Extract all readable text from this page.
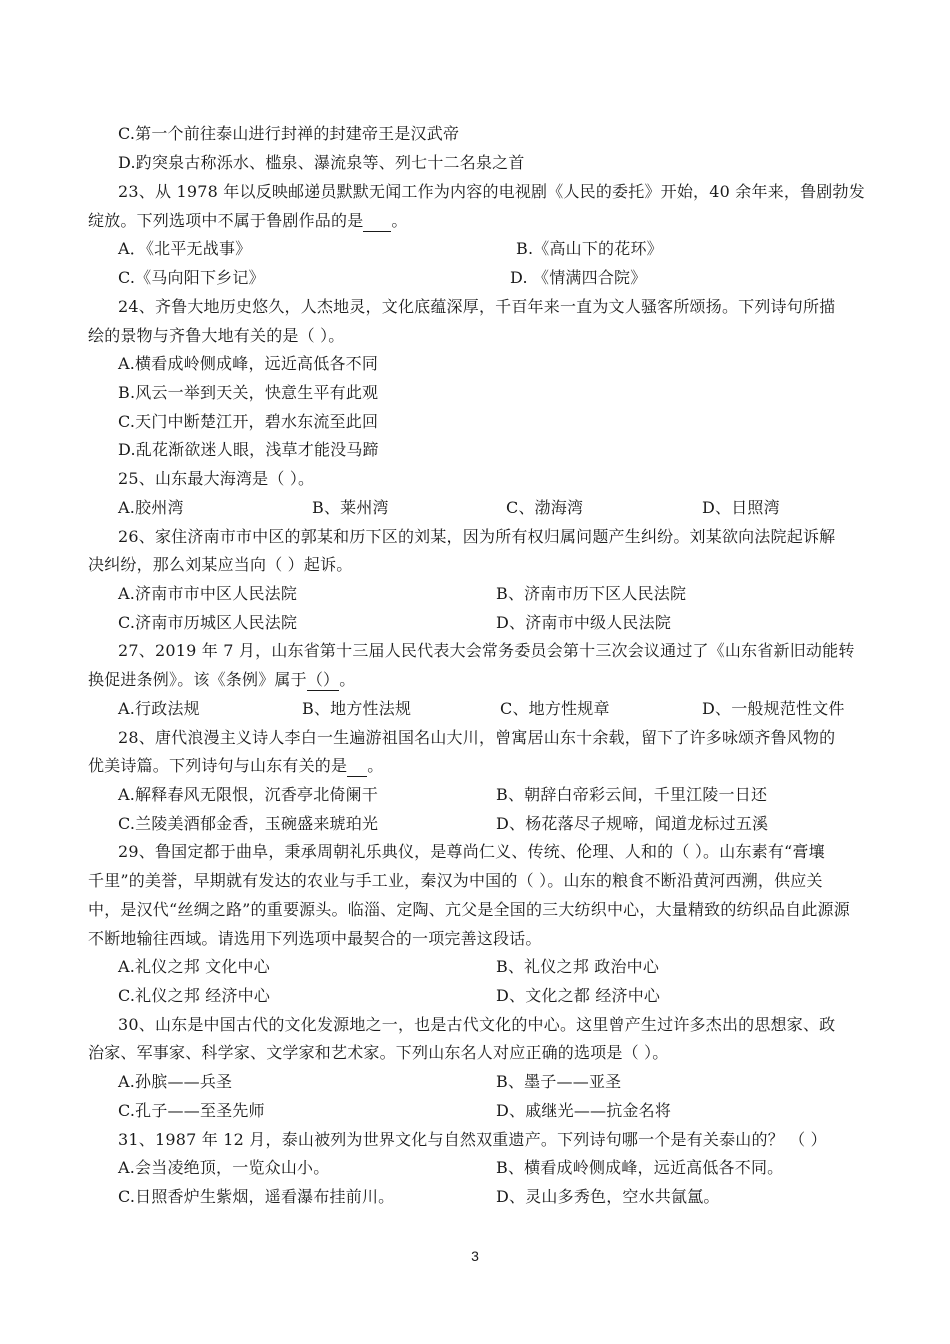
C.第一个前往泰山进行封禅的封建帝王是汉武帝
D.趵突泉古称泺水、槛泉、瀑流泉等、列七十二名泉之首
23、从 1978 年以反映邮递员默默无闻工作为内容的电视剧《人民的委托》开始，40 余年来，鲁剧勃发
绽放。下列选项中不属于鲁剧作品的是 。
A．《北平无战事》	B.《高山下的花环》
C.《马向阳下乡记》	D. 《情满四合院》
24、齐鲁大地历史悠久，人杰地灵，文化底蕴深厚，千百年来一直为文人骚客所颂扬。下列诗句所描
绘的景物与齐鲁大地有关的是（ ）。
A.横看成岭侧成峰，远近高低各不同
B.风云一举到天关，快意生平有此观
C.天门中断楚江开，碧水东流至此回
D.乱花渐欲迷人眼，浅草才能没马蹄
25、山东最大海湾是（ ）。
A.胶州湾	B、莱州湾	C、渤海湾	D、日照湾
26、家住济南市市中区的郭某和历下区的刘某，因为所有权归属问题产生纠纷。刘某欲向法院起诉解
决纠纷，那么刘某应当向（ ）起诉。
A.济南市市中区人民法院	B、济南市历下区人民法院
C.济南市历城区人民法院	D、济南市中级人民法院
27、2019 年 7 月，山东省第十三届人民代表大会常务委员会第十三次会议通过了《山东省新旧动能转
换促进条例》。该《条例》属于（）。
A.行政法规	B、地方性法规	C、地方性规章	D、一般规范性文件
28、唐代浪漫主义诗人李白一生遍游祖国名山大川，曾寓居山东十余载，留下了许多咏颂齐鲁风物的
优美诗篇。下列诗句与山东有关的是 。
A.解释春风无限恨，沉香亭北倚阑干	B、朝辞白帝彩云间，千里江陵一日还
C.兰陵美酒郁金香，玉碗盛来琥珀光	D、杨花落尽子规啼，闻道龙标过五溪
29、鲁国定都于曲阜，秉承周朝礼乐典仪，是尊尚仁义、传统、伦理、人和的（ ）。山东素有“膏壤
千里”的美誉，早期就有发达的农业与手工业，秦汉为中国的（ ）。山东的粮食不断沿黄河西溯，供应关
中，是汉代“丝绸之路”的重要源头。临淄、定陶、亢父是全国的三大纺织中心，大量精致的纺织品自此源源
不断地输往西域。请选用下列选项中最契合的一项完善这段话。
A.礼仪之邦 文化中心	B、礼仪之邦 政治中心
C.礼仪之邦 经济中心	D、文化之都 经济中心
30、山东是中国古代的文化发源地之一，也是古代文化的中心。这里曾产生过许多杰出的思想家、政
治家、军事家、科学家、文学家和艺术家。下列山东名人对应正确的选项是（ ）。
A.孙膑——兵圣	B、墨子——亚圣
C.孔子——至圣先师	D、戚继光——抗金名将
31、1987 年 12 月，泰山被列为世界文化与自然双重遗产。下列诗句哪一个是有关泰山的？ （ ）
A.会当凌绝顶，一览众山小。	B、横看成岭侧成峰，远近高低各不同。
C.日照香炉生紫烟，遥看瀑布挂前川。	D、灵山多秀色，空水共氤氲。
3
